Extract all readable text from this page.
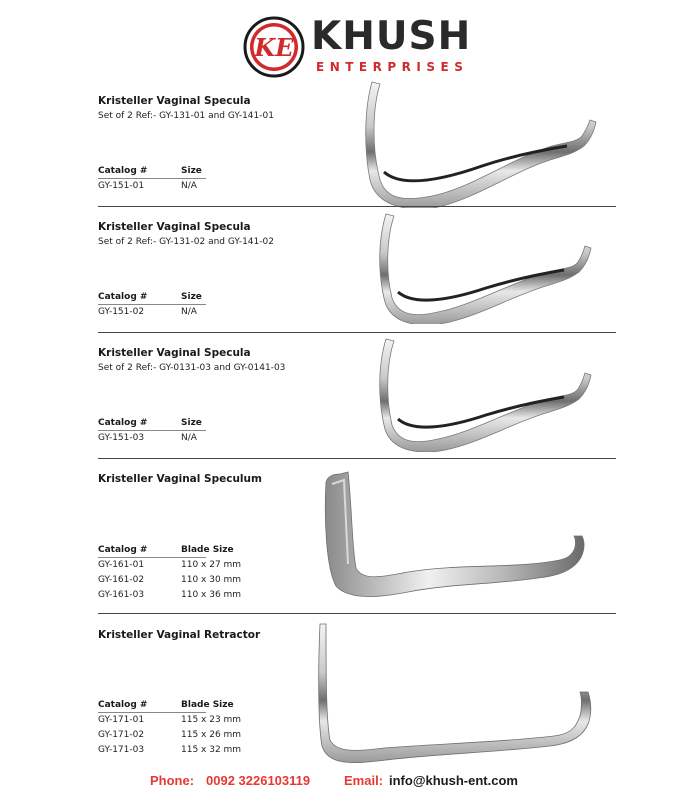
KE KHUSH
ENTERPRISES
Kristeller Vaginal Specula
Set of 2 Ref:- GY-131-01 and GY-141-01
Catalog #	Size
GY-151-01	N/A
Kristeller Vaginal Specula
Set of 2 Ref:- GY-131-02 and GY-141-02
Catalog #	Size
GY-151-02	N/A
Kristeller Vaginal Specula
Set of 2 Ref:- GY-0131-03 and GY-0141-03
Catalog #	Size
GY-151-03	N/A
Kristeller Vaginal Speculum
Catalog #	Blade Size
GY-161-01	110 x 27 mm
GY-161-02	110 x 30 mm
GY-161-03	110 x 36 mm
Kristeller Vaginal Retractor
Catalog #	Blade Size
GY-171-01	115 x 23 mm
GY-171-02	115 x 26 mm
GY-171-03	115 x 32 mm
Phone: 0092 3226103119	Email: info@khush-ent.com
